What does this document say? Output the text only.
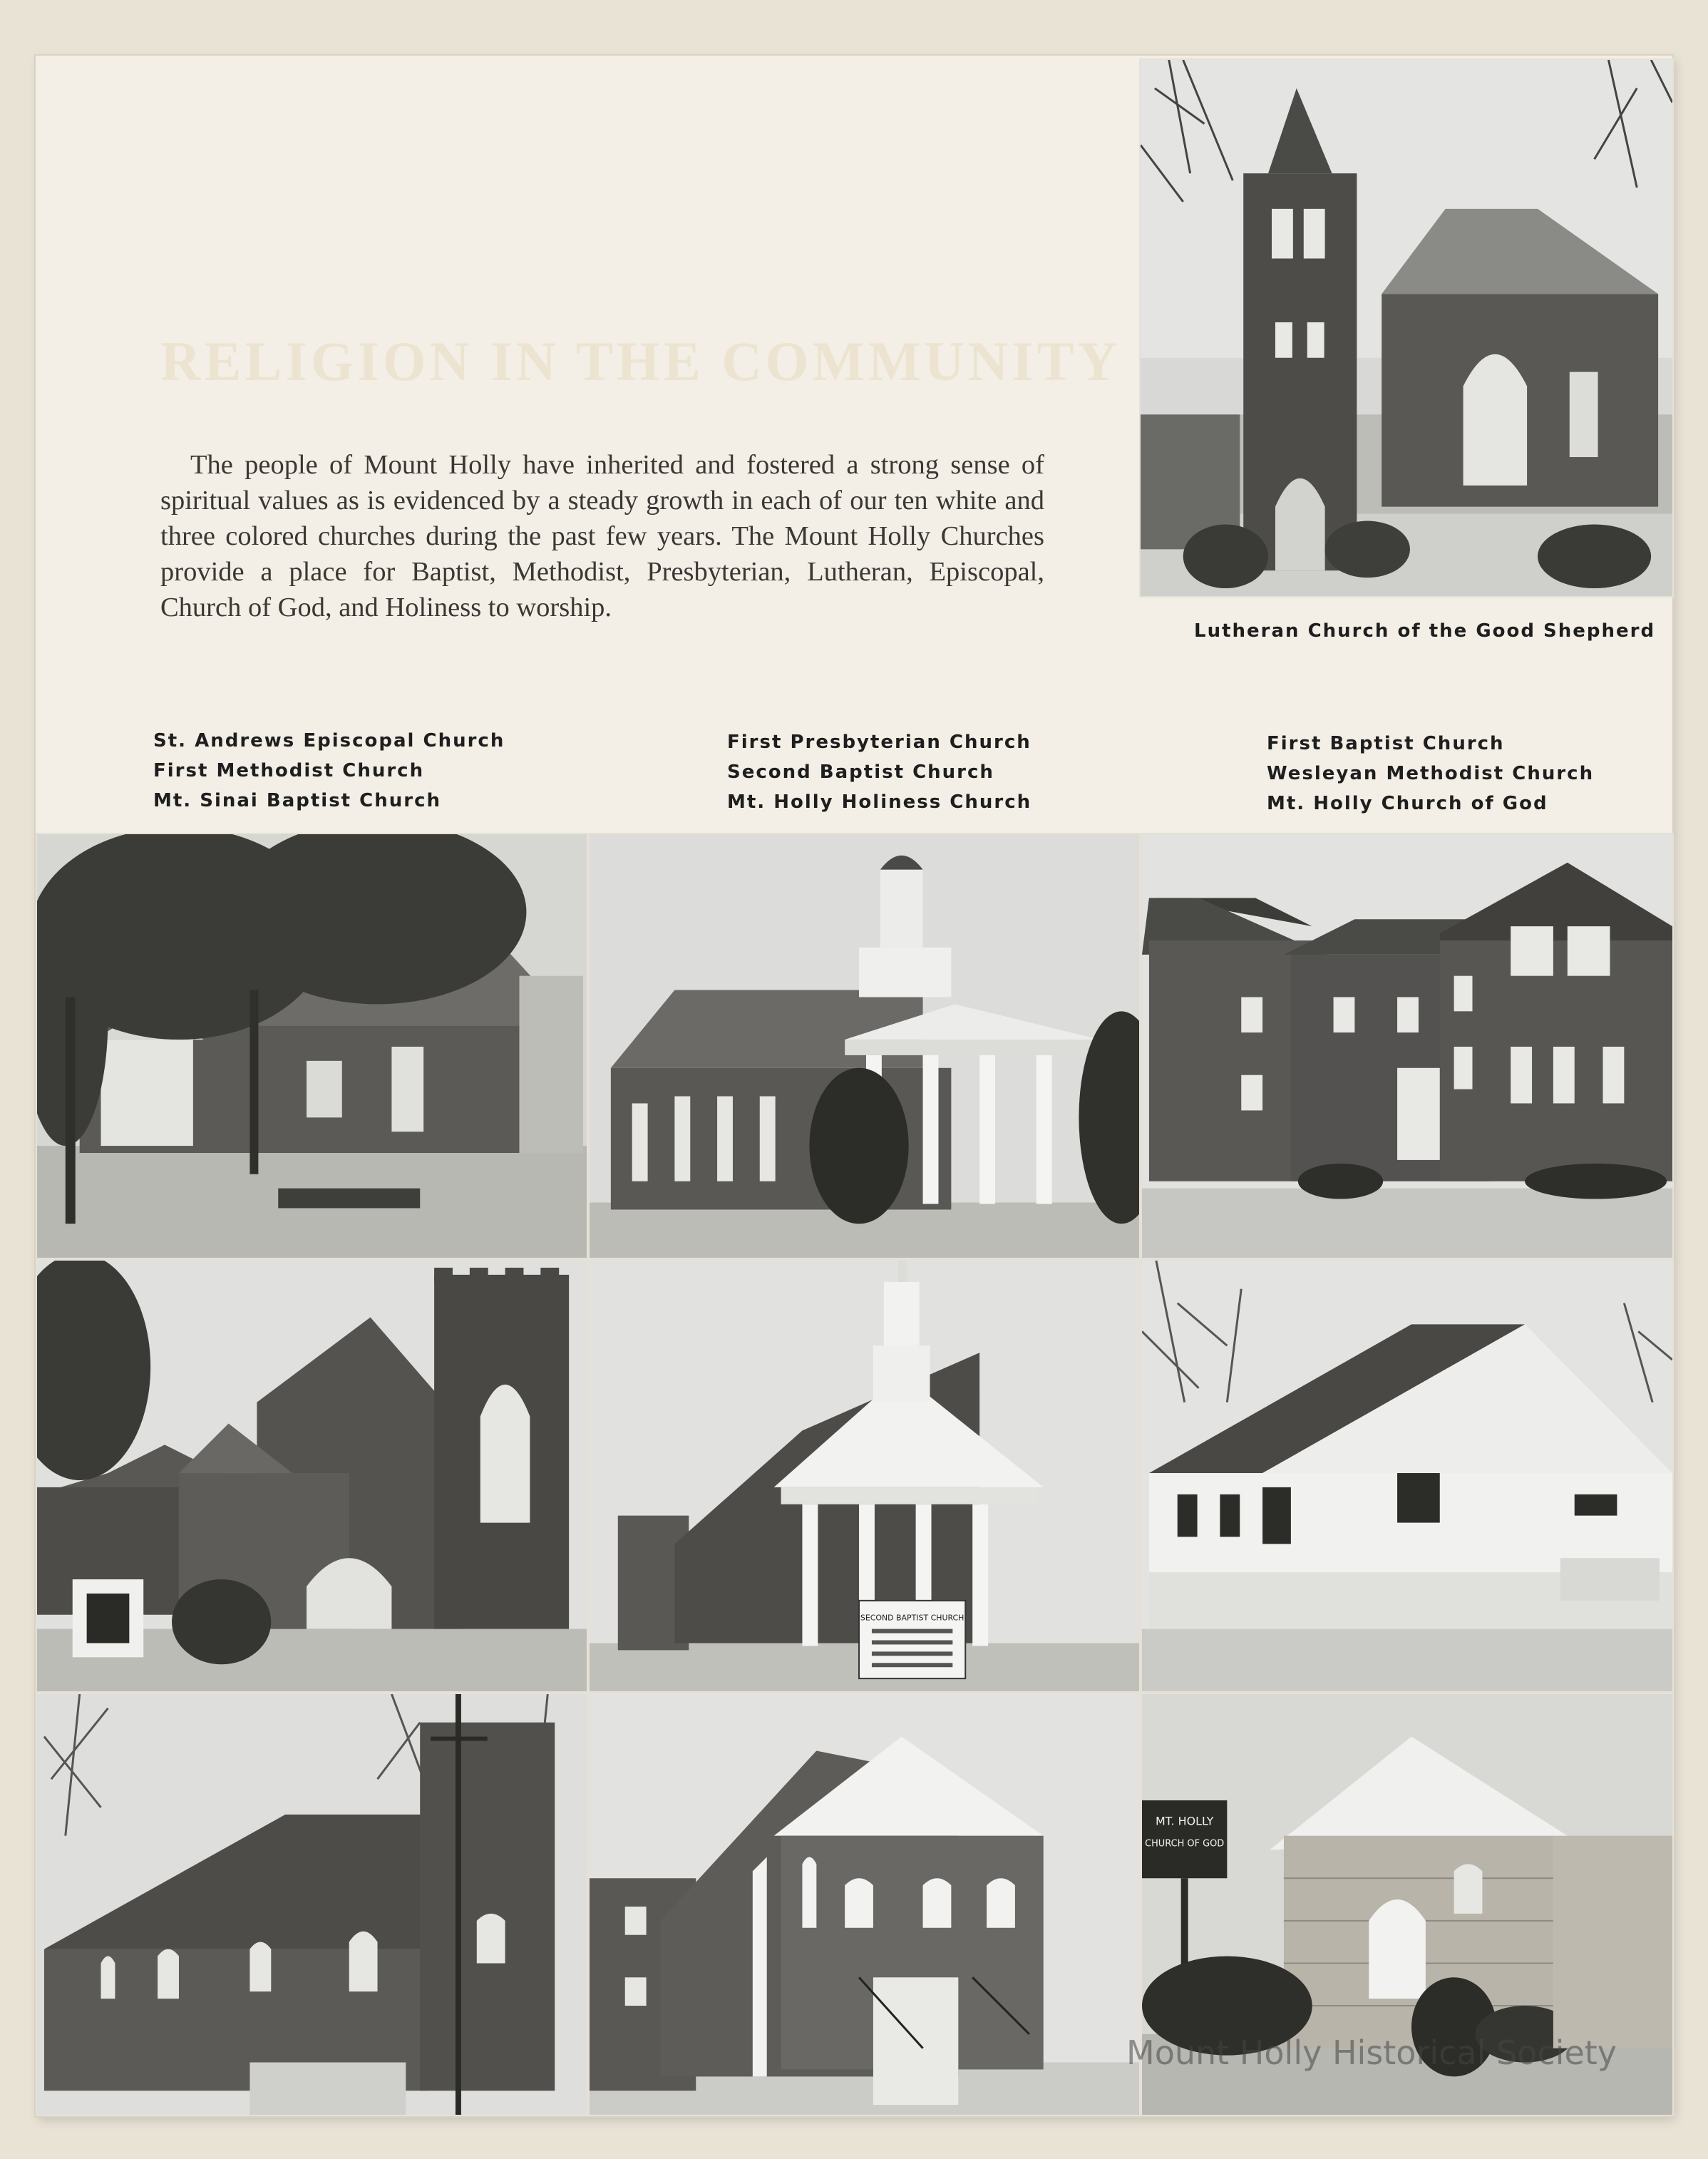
RELIGION IN THE COMMUNITY

The people of Mount Holly have inherited and fostered a strong sense of spiritual values as is evidenced by a steady growth in each of our ten white and three colored churches during the past few years. The Mount Holly Churches provide a place for Baptist, Methodist, Presbyterian, Lutheran, Episcopal, Church of God, and Holiness to worship.

Lutheran Church of the Good Shepherd
St. Andrews Episcopal Church
First Methodist Church
Mt. Sinai Baptist Church
First Presbyterian Church
Second Baptist Church
Mt. Holly Holiness Church
First Baptist Church
Wesleyan Methodist Church
Mt. Holly Church of God
SECOND BAPTIST CHURCH
MT. HOLLY
CHURCH OF GOD
Mount Holly Historical Society
